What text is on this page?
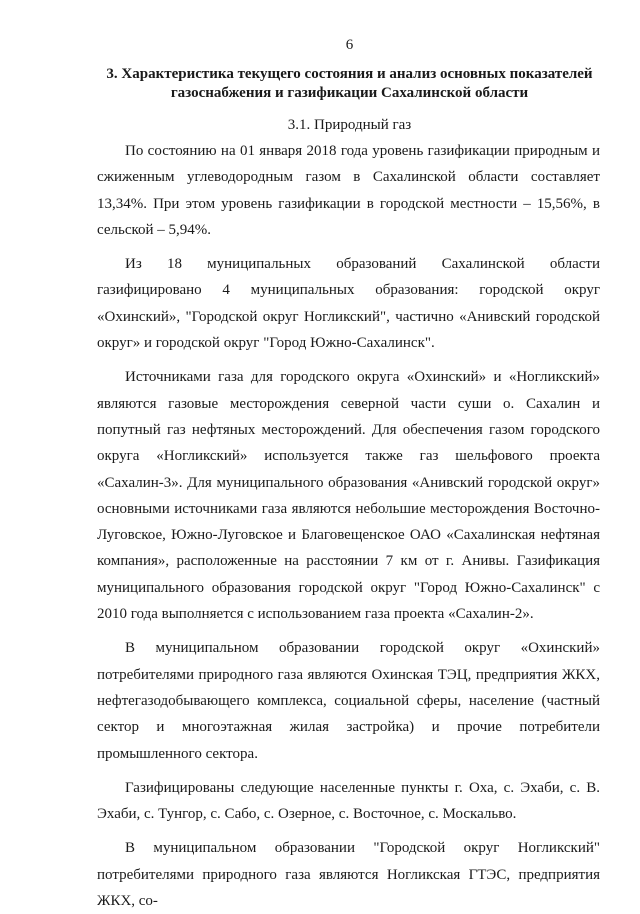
6
3. Характеристика текущего состояния и анализ основных показателей
газоснабжения и газификации Сахалинской области
3.1. Природный газ

По состоянию на 01 января 2018 года уровень газификации природным и сжиженным углеводородным газом в Сахалинской области составляет 13,34%. При этом уровень газификации в городской местности – 15,56%, в сельской – 5,94%.

Из 18 муниципальных образований Сахалинской области газифицировано 4 муниципальных образования: городской округ «Охинский», "Городской округ Ногликский", частично «Анивский городской округ» и городской округ "Город Южно-Сахалинск".

Источниками газа для городского округа «Охинский» и «Ногликский» являются газовые месторождения северной части суши о. Сахалин и попутный газ нефтяных месторождений. Для обеспечения газом городского округа «Ногликский» используется также газ шельфового проекта «Сахалин-3». Для муниципального образования «Анивский городской округ» основными источниками газа являются небольшие месторождения Восточно-Луговское, Южно-Луговское и Благовещенское ОАО «Сахалинская нефтяная компания», расположенные на расстоянии 7 км от г. Анивы. Газификация муниципального образования городской округ "Город Южно-Сахалинск" с 2010 года выполняется с использованием газа проекта «Сахалин-2».

В муниципальном образовании городской округ «Охинский» потребителями природного газа являются Охинская ТЭЦ, предприятия ЖКХ, нефтегазодобывающего комплекса, социальной сферы, население (частный сектор и многоэтажная жилая застройка) и прочие потребители промышленного сектора.

Газифицированы следующие населенные пункты г. Оха, с. Эхаби, с. В. Эхаби, с. Тунгор, с. Сабо, с. Озерное, с. Восточное, с. Москальво.

В муниципальном образовании "Городской округ Ногликский" потребителями природного газа являются Ногликская ГТЭС, предприятия ЖКХ, со-
